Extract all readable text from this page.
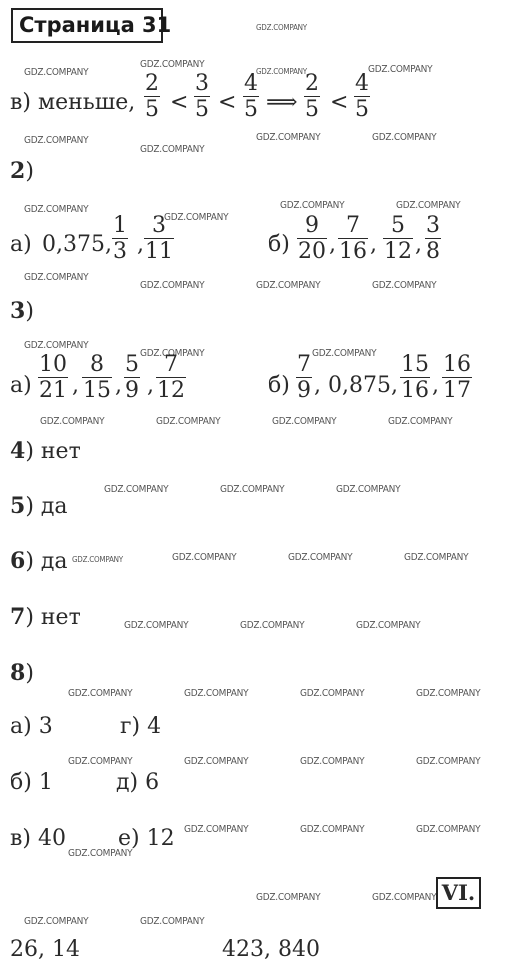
Страница 31	GDZ.COMPANY
GDZ.COMPANY
GDZ.COMPANY
GDZ.COMPANY	GDZ.COMPANY
GDZ.COMPANY
GDZ.COMPANY
GDZ.COMPANY	GDZ.COMPANY
GDZ.COMPANY
GDZ.COMPANY
GDZ.COMPANY	GDZ.COMPANY
GDZ.COMPANY
GDZ.COMPANY	GDZ.COMPANY	GDZ.COMPANY
GDZ.COMPANY
GDZ.COMPANY	GDZ.COMPANY
GDZ.COMPANY	GDZ.COMPANY	GDZ.COMPANY	GDZ.COMPANY
GDZ.COMPANY	GDZ.COMPANY	GDZ.COMPANY
GDZ.COMPANY	GDZ.COMPANY	GDZ.COMPANY	GDZ.COMPANY
GDZ.COMPANY	GDZ.COMPANY	GDZ.COMPANY
GDZ.COMPANY	GDZ.COMPANY	GDZ.COMPANY	GDZ.COMPANY
GDZ.COMPANY	GDZ.COMPANY	GDZ.COMPANY	GDZ.COMPANY
GDZ.COMPANY	GDZ.COMPANY	GDZ.COMPANY
GDZ.COMPANY
GDZ.COMPANY	GDZ.COMPANY
GDZ.COMPANY	GDZ.COMPANY
в) меньше, $\frac{2}{5} < \frac{3}{5} < \frac{4}{5}$ ⟹ $\frac{2}{5} < \frac{4}{5}$
2)
а) 0,375, $\frac{1}{3}$ , $\frac{3}{11}$	$б) \frac{9}{20}$ , $\frac{7}{16}$ , $\frac{5}{12}$ , $\frac{3}{8}$
3)
$а) \frac{10}{21}$ , $\frac{8}{15}$ , $\frac{5}{9}$ , $\frac{7}{12}$	$б) \frac{7}{9}$ , 0,875, $\frac{15}{16}$ , $\frac{16}{17}$
4) нет
5) да
6) да
7) нет
8)
а) 3	г) 4
б) 1	д) 6
в) 40 е) 12
VI.
26, 14	423, 840
